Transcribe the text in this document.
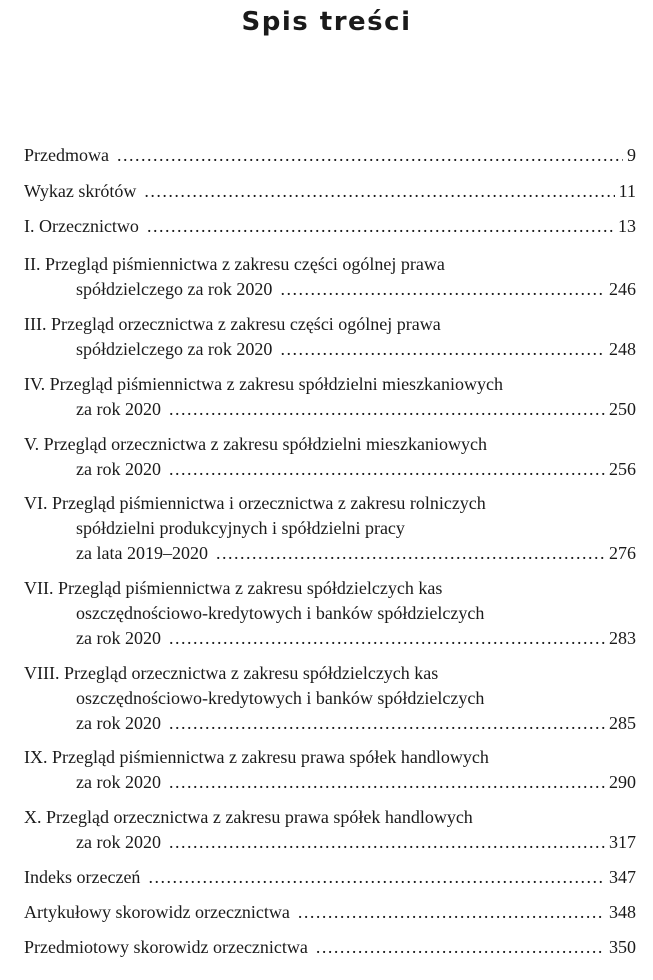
Spis treści
Przedmowa .....	9
Wykaz skrótów .....	11
I. Orzecznictwo .....	13
II. Przegląd piśmiennictwa z zakresu części ogólnej prawa
spółdzielczego za rok 2020 .....	246
III. Przegląd orzecznictwa z zakresu części ogólnej prawa
spółdzielczego za rok 2020 .....	248
IV. Przegląd piśmiennictwa z zakresu spółdzielni mieszkaniowych
za rok 2020 .....	250
V. Przegląd orzecznictwa z zakresu spółdzielni mieszkaniowych
za rok 2020 .....	256
VI. Przegląd piśmiennictwa i orzecznictwa z zakresu rolniczych
spółdzielni produkcyjnych i spółdzielni pracy
za lata 2019–2020 .....	276
VII. Przegląd piśmiennictwa z zakresu spółdzielczych kas
oszczędnościowo-kredytowych i banków spółdzielczych
za rok 2020 .....	283
VIII. Przegląd orzecznictwa z zakresu spółdzielczych kas
oszczędnościowo-kredytowych i banków spółdzielczych
za rok 2020 .....	285
IX. Przegląd piśmiennictwa z zakresu prawa spółek handlowych
za rok 2020 .....	290
X. Przegląd orzecznictwa z zakresu prawa spółek handlowych
za rok 2020 .....	317
Indeks orzeczeń .....	347
Artykułowy skorowidz orzecznictwa .....	348
Przedmiotowy skorowidz orzecznictwa .....	350
